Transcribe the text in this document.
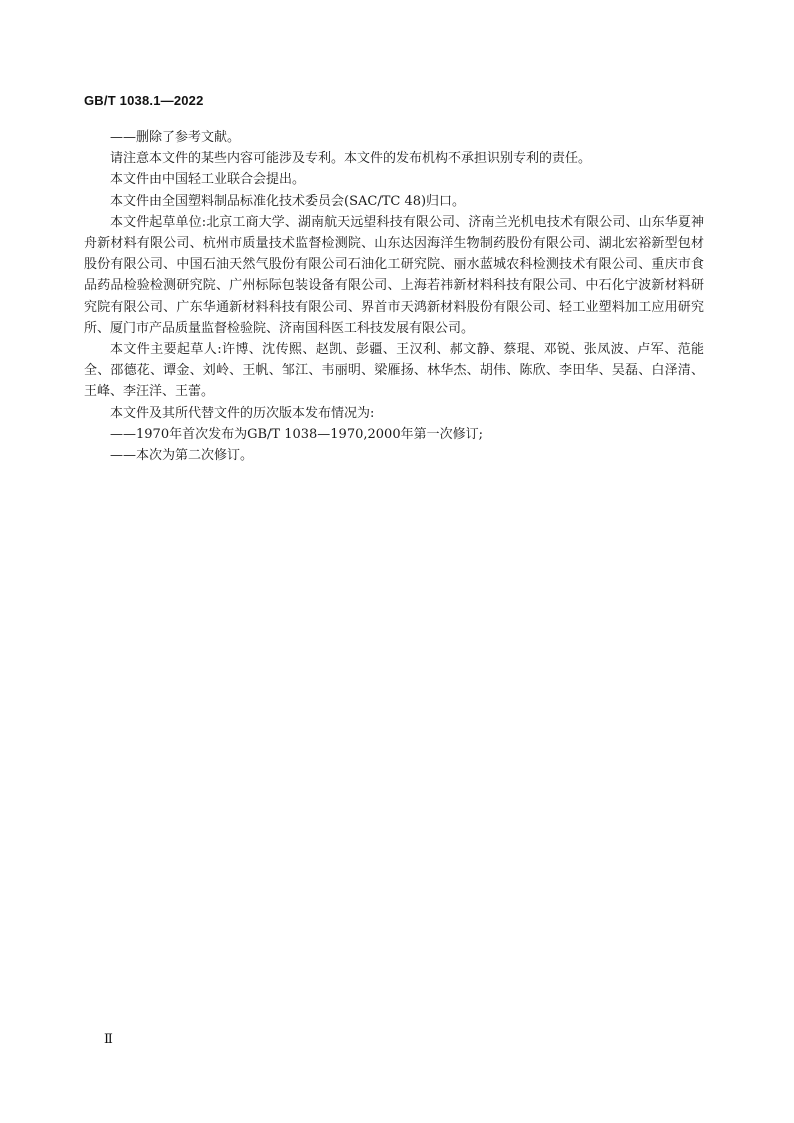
GB/T 1038.1—2022

——删除了参考文献。

请注意本文件的某些内容可能涉及专利。本文件的发布机构不承担识别专利的责任。

本文件由中国轻工业联合会提出。

本文件由全国塑料制品标准化技术委员会(SAC/TC 48)归口。

本文件起草单位:北京工商大学、湖南航天远望科技有限公司、济南兰光机电技术有限公司、山东华夏神舟新材料有限公司、杭州市质量技术监督检测院、山东达因海洋生物制药股份有限公司、湖北宏裕新型包材股份有限公司、中国石油天然气股份有限公司石油化工研究院、丽水蓝城农科检测技术有限公司、重庆市食品药品检验检测研究院、广州标际包装设备有限公司、上海若祎新材料科技有限公司、中石化宁波新材料研究院有限公司、广东华通新材料科技有限公司、界首市天鸿新材料股份有限公司、轻工业塑料加工应用研究所、厦门市产品质量监督检验院、济南国科医工科技发展有限公司。

本文件主要起草人:许博、沈传熙、赵凯、彭疆、王汉利、郝文静、蔡琨、邓锐、张凤波、卢军、范能全、邵德花、谭金、刘岭、王帆、邹江、韦丽明、梁雁扬、林华杰、胡伟、陈欣、李田华、吴磊、白泽清、王峰、李汪洋、王蕾。

本文件及其所代替文件的历次版本发布情况为:

——1970年首次发布为GB/T 1038—1970,2000年第一次修订;

——本次为第二次修订。

Ⅱ
